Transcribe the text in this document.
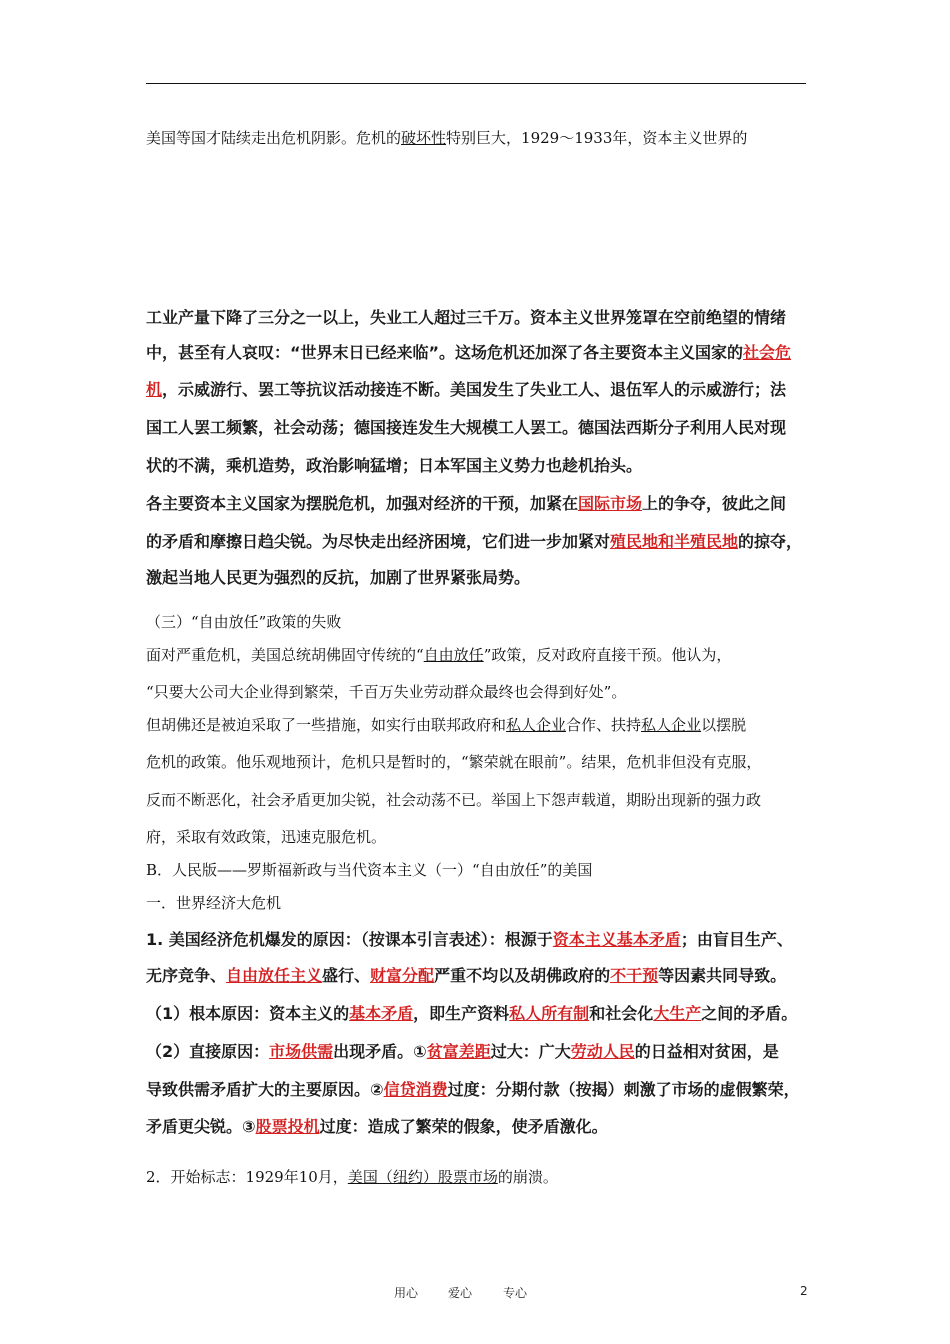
美国等国才陆续走出危机阴影。危机的破坏性特别巨大，1929～1933年，资本主义世界的
工业产量下降了三分之一以上，失业工人超过三千万。资本主义世界笼罩在空前绝望的情绪
中，甚至有人哀叹：“世界末日已经来临”。这场危机还加深了各主要资本主义国家的社会危
机，示威游行、罢工等抗议活动接连不断。美国发生了失业工人、退伍军人的示威游行；法
国工人罢工频繁，社会动荡；德国接连发生大规模工人罢工。德国法西斯分子利用人民对现
状的不满，乘机造势，政治影响猛增；日本军国主义势力也趁机抬头。
各主要资本主义国家为摆脱危机，加强对经济的干预，加紧在国际市场上的争夺，彼此之间
的矛盾和摩擦日趋尖锐。为尽快走出经济困境，它们进一步加紧对殖民地和半殖民地的掠夺，
激起当地人民更为强烈的反抗，加剧了世界紧张局势。
（三）“自由放任”政策的失败
面对严重危机，美国总统胡佛固守传统的“自由放任”政策，反对政府直接干预。他认为，
“只要大公司大企业得到繁荣，千百万失业劳动群众最终也会得到好处”。
但胡佛还是被迫采取了一些措施，如实行由联邦政府和私人企业合作、扶持私人企业以摆脱
危机的政策。他乐观地预计，危机只是暂时的，“繁荣就在眼前”。结果，危机非但没有克服，
反而不断恶化，社会矛盾更加尖锐，社会动荡不已。举国上下怨声载道，期盼出现新的强力政
府，采取有效政策，迅速克服危机。
B．人民版——罗斯福新政与当代资本主义（一）“自由放任”的美国
一．世界经济大危机
1. 美国经济危机爆发的原因：（按课本引言表述）：根源于资本主义基本矛盾；由盲目生产、
无序竞争、自由放任主义盛行、财富分配严重不均以及胡佛政府的不干预等因素共同导致。
（1）根本原因：资本主义的基本矛盾，即生产资料私人所有制和社会化大生产之间的矛盾。
（2）直接原因：市场供需出现矛盾。①贫富差距过大：广大劳动人民的日益相对贫困，是
导致供需矛盾扩大的主要原因。②信贷消费过度：分期付款（按揭）刺激了市场的虚假繁荣，
矛盾更尖锐。③股票投机过度：造成了繁荣的假象，使矛盾激化。
2．开始标志：1929年10月，美国（纽约）股票市场的崩溃。
用心 爱心	专心	2
